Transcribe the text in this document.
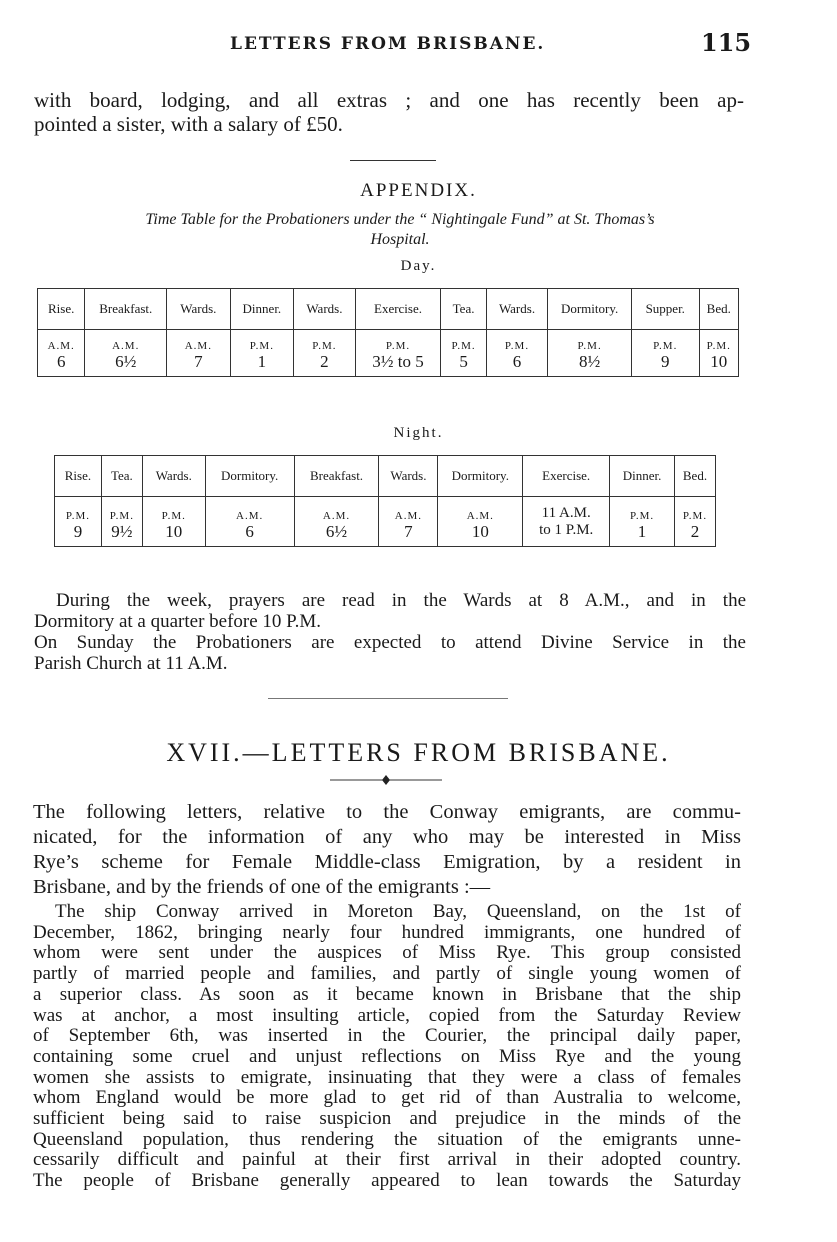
LETTERS FROM BRISBANE.	115
with board, lodging, and all extras ; and one has recently been ap-
pointed a sister, with a salary of £50.
APPENDIX.
Time Table for the Probationers under the “ Nightingale Fund” at St. Thomas’s
Hospital.
Day.
Rise.	Breakfast.	Wards.	Dinner.	Wards.	Exercise.	Tea.	Wards.	Dormitory.	Supper.	Bed.

A.M.	A.M.	A.M.	P.M.	P.M.	P.M.	P.M.	P.M.	P.M.	P.M.	P.M.
6	6½	7	1	2	3½ to 5	5	6	8½	9	10
Night.
Rise.	Tea.	Wards.	Dormitory.	Breakfast.	Wards.	Dormitory.	Exercise.	Dinner.	Bed.

P.M.	P.M.	P.M.	A.M.	A.M.	A.M.	A.M.	11 A.M.	P.M.	P.M.
9	9½	10	6	6½	7	10	to 1 P.M.	1	2
During the week, prayers are read in the Wards at 8 A.M., and in the
Dormitory at a quarter before 10 P.M.
On Sunday the Probationers are expected to attend Divine Service in the
Parish Church at 11 A.M.
XVII.—LETTERS FROM BRISBANE.
The following letters, relative to the Conway emigrants, are commu-
nicated, for the information of any who may be interested in Miss
Rye’s scheme for Female Middle-class Emigration, by a resident in
Brisbane, and by the friends of one of the emigrants :—
The ship Conway arrived in Moreton Bay, Queensland, on the 1st of
December, 1862, bringing nearly four hundred immigrants, one hundred of
whom were sent under the auspices of Miss Rye. This group consisted
partly of married people and families, and partly of single young women of
a superior class. As soon as it became known in Brisbane that the ship
was at anchor, a most insulting article, copied from the Saturday Review
of September 6th, was inserted in the Courier, the principal daily paper,
containing some cruel and unjust reflections on Miss Rye and the young
women she assists to emigrate, insinuating that they were a class of females
whom England would be more glad to get rid of than Australia to welcome,
sufficient being said to raise suspicion and prejudice in the minds of the
Queensland population, thus rendering the situation of the emigrants unne-
cessarily difficult and painful at their first arrival in their adopted country.
The people of Brisbane generally appeared to lean towards the Saturday
